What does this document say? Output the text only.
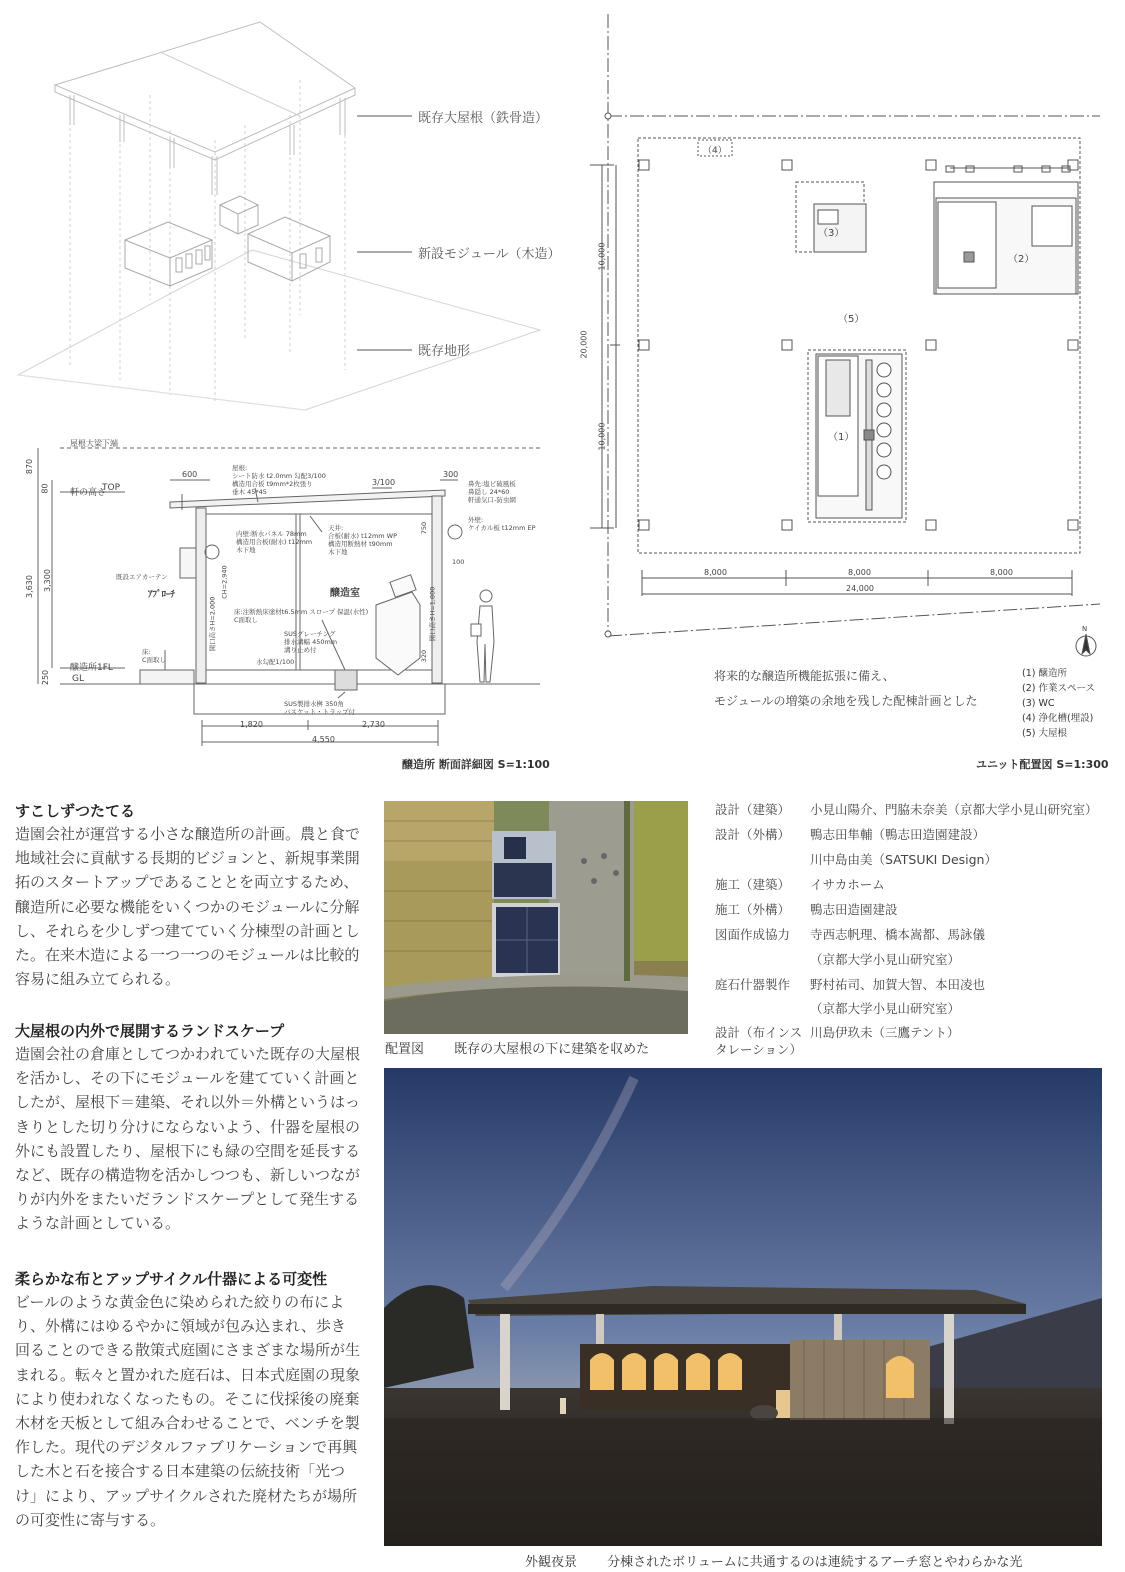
既存大屋根（鉄骨造）
新設モジュール（木造）
既存地形
屋根大梁下端
軒の高さ
TOP
醸造所1FL
GL
ｱﾌﾟﾛｰﾁ	醸造室
870
80
3,630 3,300
250
600	300
3/100
1,820	2,730
4,550
CH=2,940
開口高さH=2,000	開口高さH=1,800
750
100
320
屋根:
シート防水 t2.0mm 勾配3/100
構造用合板 t9mm*2枚張り
垂木 45*45
内壁:断水パネル 78mm
構造用合板(耐水) t12mm
木下地
天井:
合板(耐水) t12mm WP
構造用断熱材 t90mm
木下地
既設エアカーテン
床:注断熱床塗材t6.5mm スロープ 保温(水性)
C面取し
SUSグレーチング
排水溝幅 450mm
溝り止め付
SUS製排水桝 350角
バスケット・トラップ付
鼻先:塩ビ破風板
鼻隠し 24*60
軒通気口-防虫網
外壁:
ケイカル板 t12mm EP
床:
C面取し	水勾配1/100
醸造所 断面詳細図 S=1:100
（1）
（2）
（3）
（4）
（5）
8,000	8,000	8,000
24,000
20,000
10,000
10,000
N
将来的な醸造所機能拡張に備え、
モジュールの増築の余地を残した配棟計画とした
(1) 醸造所
(2) 作業スペース
(3) WC
(4) 浄化槽(埋設)
(5) 大屋根
ユニット配置図 S=1:300
すこしずつたてる

造園会社が運営する小さな醸造所の計画。農と食で地域社会に貢献する長期的ビジョンと、新規事業開拓のスタートアップであることとを両立するため、醸造所に必要な機能をいくつかのモジュールに分解し、それらを少しずつ建てていく分棟型の計画とした。在来木造による一つ一つのモジュールは比較的容易に組み立てられる。

大屋根の内外で展開するランドスケープ

造園会社の倉庫としてつかわれていた既存の大屋根を活かし、その下にモジュールを建てていく計画としたが、屋根下＝建築、それ以外＝外構というはっきりとした切り分けにならないよう、什器を屋根の外にも設置したり、屋根下にも緑の空間を延長するなど、既存の構造物を活かしつつも、新しいつながりが内外をまたいだランドスケープとして発生するような計画としている。

柔らかな布とアップサイクル什器による可変性

ビールのような黄金色に染められた絞りの布により、外構にはゆるやかに領域が包み込まれ、歩き回ることのできる散策式庭園にさまざまな場所が生まれる。転々と置かれた庭石は、日本式庭園の現象により使われなくなったもの。そこに伐採後の廃棄木材を天板として組み合わせることで、ベンチを製作した。現代のデジタルファブリケーションで再興した木と石を接合する日本建築の伝統技術「光つけ」により、アップサイクルされた廃材たちが場所の可変性に寄与する。

配置図 既存の大屋根の下に建築を収めた
設計（建築） 小見山陽介、門脇未奈美（京都大学小見山研究室）
設計（外構） 鴨志田隼輔（鴨志田造園建設）
川中島由美（SATSUKI Design）
施工（建築） イサカホーム
施工（外構） 鴨志田造園建設
図面作成協力 寺西志帆理、橋本嵩都、馬詠儀
（京都大学小見山研究室）
庭石什器製作 野村祐司、加賀大智、本田凌也
（京都大学小見山研究室）
設計（布インス 川島伊玖未（三鷹テント）
タレーション）
外観夜景 分棟されたボリュームに共通するのは連続するアーチ窓とやわらかな光
